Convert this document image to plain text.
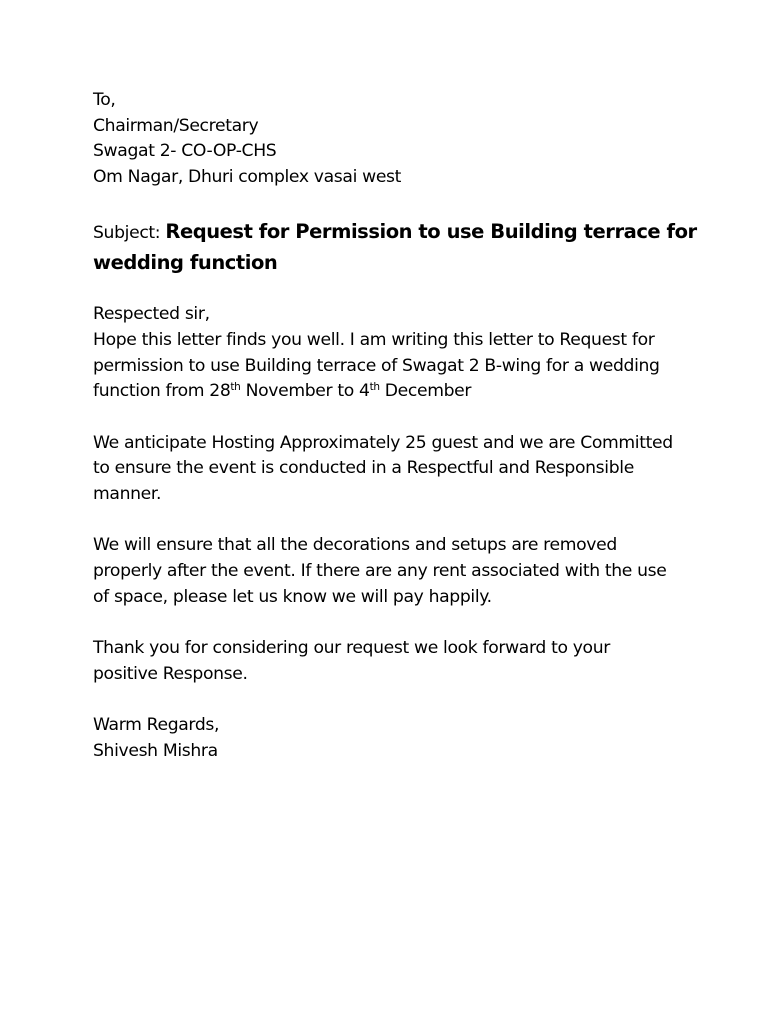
To,
Chairman/Secretary
Swagat 2- CO-OP-CHS
Om Nagar, Dhuri complex vasai west
Subject: Request for Permission to use Building terrace for
wedding function
Respected sir,
Hope this letter finds you well. I am writing this letter to Request for
permission to use Building terrace of Swagat 2 B-wing for a wedding
function from 28th November to 4th December
We anticipate Hosting Approximately 25 guest and we are Committed
to ensure the event is conducted in a Respectful and Responsible
manner.
We will ensure that all the decorations and setups are removed
properly after the event. If there are any rent associated with the use
of space, please let us know we will pay happily.
Thank you for considering our request we look forward to your
positive Response.
Warm Regards,
Shivesh Mishra
